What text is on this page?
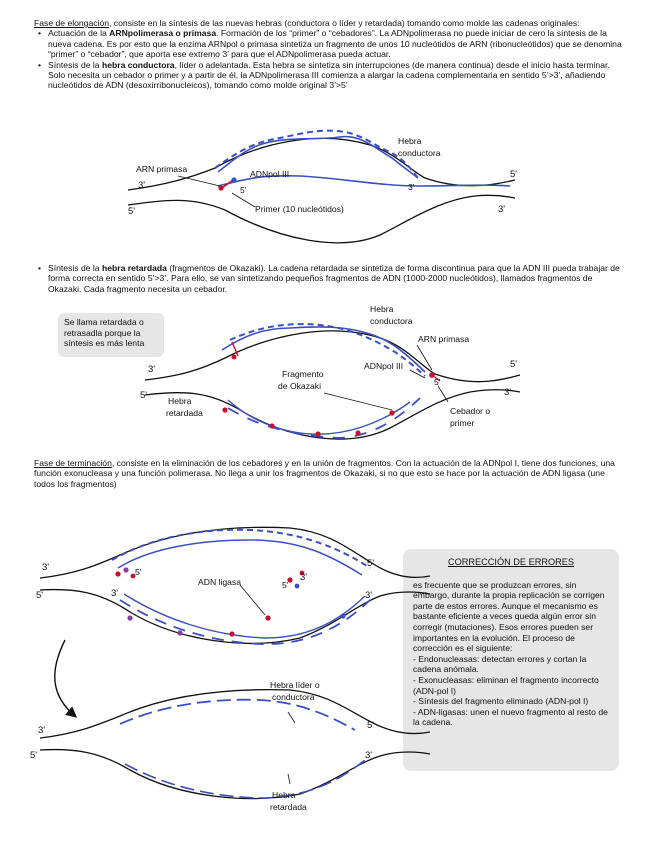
Fase de elongación, consiste en la síntesis de las nuevas hebras (conductora o líder y retardada) tomando como molde las cadenas originales:
• Actuación de la ARNpolimerasa o primasa. Formación de los “primer” o “cebadores”. La ADNpolimerasa no puede iniciar de cero la síntesis de la nueva cadena. Es por esto que la enzima ARNpol o primasa sintetiza un fragmento de unos 10 nucleótidos de ARN (ribonucleótidos) que se denomina “primer” o “cebador”, que aporta ese extremo 3’ para que el ADNpolimerasa pueda actuar.
• Síntesis de la hebra conductora, líder o adelantada. Esta hebra se sintetiza sin interrupciones (de manera continua) desde el inicio hasta terminar. Solo necesita un cebador o primer y a partir de él, la ADNpolimerasa III comienza a alargar la cadena complementaria en sentido 5’>3’, añadiendo nucleótidos de ADN (desoxirribonucleicos), tomando como molde original 3’>5’
• Síntesis de la hebra retardada (fragmentos de Okazaki). La cadena retardada se sintetiza de forma discontinua para que la ADN III pueda trabajar de forma correcta en sentido 5’>3’. Para ello, se van sintetizando pequeños fragmentos de ADN (1000-2000 nucleótidos), llamados fragmentos de Okazaki. Cada fragmento necesita un cebador.
Se llama retardada o retrasadla porque la síntesis es más lenta
Fase de terminación, consiste en la eliminación de los cebadores y en la unión de fragmentos. Con la actuación de la ADNpol I, tiene dos funciones, una función exonucleasa y una función polimerasa. No llega a unir los fragmentos de Okazaki, si no que esto se hace por la actuación de ADN ligasa (une todos los fragmentos)
CORRECCIÓN DE ERRORES
es frecuente que se produzcan errores, sin embargo, durante la propia replicación se corrigen parte de estos errores. Aunque el mecanismo es bastante eficiente a veces queda algún error sin corregir (mutaciones). Esos errores pueden ser importantes en la evolución. El proceso de corrección es el siguiente:
- Endonucleasas: detectan errores y cortan la cadena anómala.
- Exonucleasas: eliminan el fragmento incorrecto (ADN-pol I)
- Síntesis del fragmento eliminado (ADN-pol I)
- ADN-ligasas: unen el nuevo fragmento al resto de la cadena.
ARN primasa
Hebra
conductora
ADNpol III
Primer (10 nucleótidos)
3'
5'
5'	3'
5'
3'
Hebra
conductora
ARN primasa
ADNpol III
Fragmento
de Okazaki
Hebra
retardada	Cebador o
primer
3'
5'
5'
3'
5'
ADN ligasa
3'
5'	3'
5'
5'
3'
5'
3'
Hebra líder o
conductora
Hebra
retardada
3'
5'
5'
3'
